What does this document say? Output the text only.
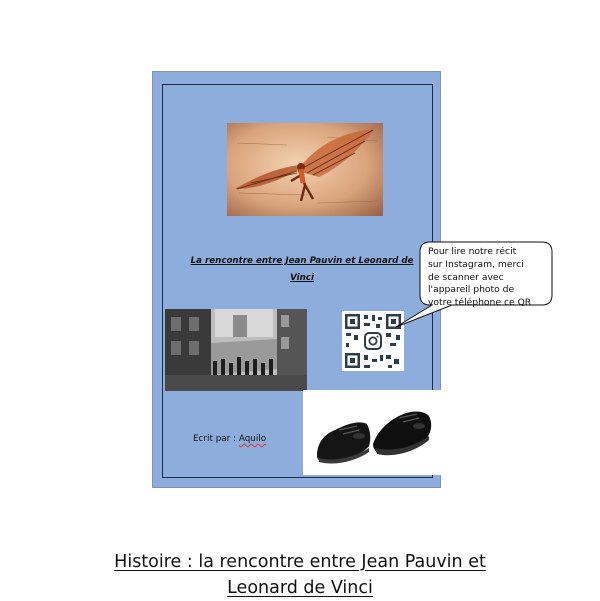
La rencontre entre Jean Pauvin et Leonard de Vinci
Ecrit par : Aquilo
Pour lire notre récit
sur Instagram, merci
de scanner avec
l'appareil photo de
votre téléphone ce QR
Histoire : la rencontre entre Jean Pauvin et
Leonard de Vinci
